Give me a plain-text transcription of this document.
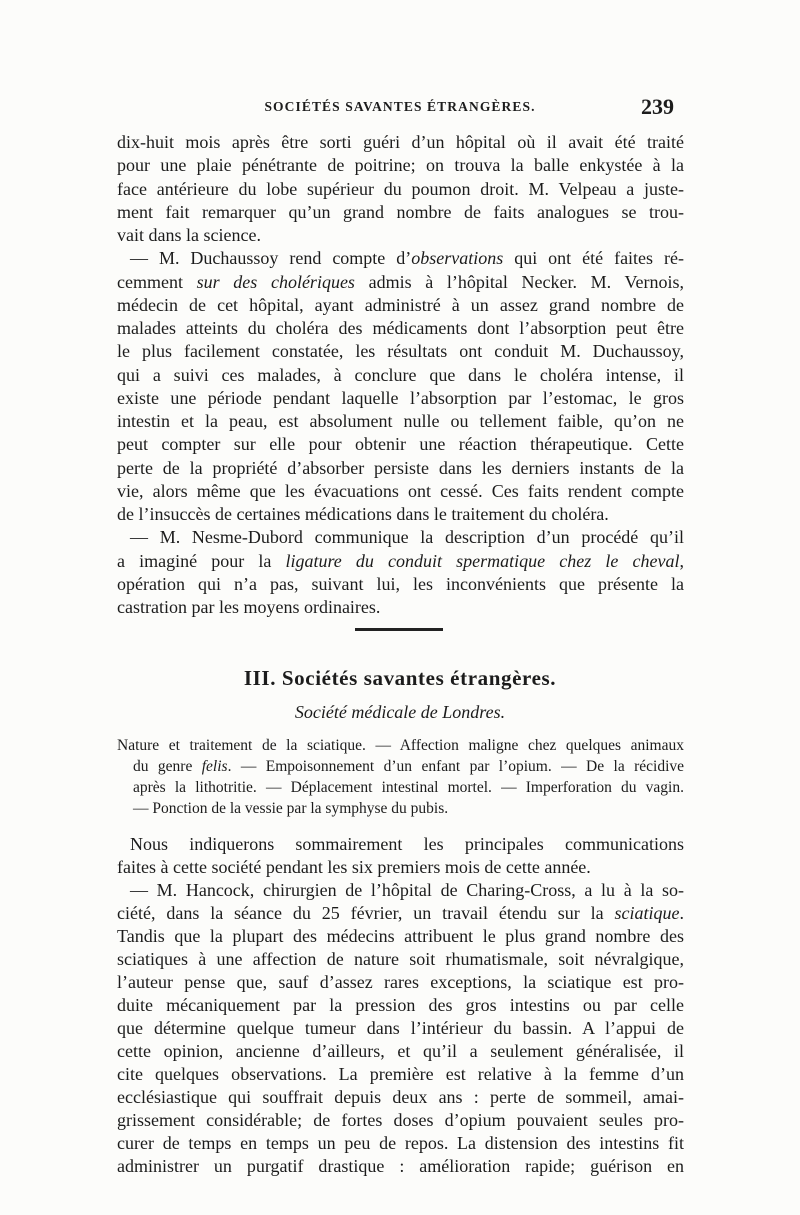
SOCIÉTÉS SAVANTES ÉTRANGÈRES.	239
dix-huit mois après être sorti guéri d’un hôpital où il avait été traité
pour une plaie pénétrante de poitrine; on trouva la balle enkystée à la
face antérieure du lobe supérieur du poumon droit. M. Velpeau a juste-
ment fait remarquer qu’un grand nombre de faits analogues se trou-
vait dans la science.
— M. Duchaussoy rend compte d’observations qui ont été faites ré-
cemment sur des cholériques admis à l’hôpital Necker. M. Vernois,
médecin de cet hôpital, ayant administré à un assez grand nombre de
malades atteints du choléra des médicaments dont l’absorption peut être
le plus facilement constatée, les résultats ont conduit M. Duchaussoy,
qui a suivi ces malades, à conclure que dans le choléra intense, il
existe une période pendant laquelle l’absorption par l’estomac, le gros
intestin et la peau, est absolument nulle ou tellement faible, qu’on ne
peut compter sur elle pour obtenir une réaction thérapeutique. Cette
perte de la propriété d’absorber persiste dans les derniers instants de la
vie, alors même que les évacuations ont cessé. Ces faits rendent compte
de l’insuccès de certaines médications dans le traitement du choléra.
— M. Nesme-Dubord communique la description d’un procédé qu’il
a imaginé pour la ligature du conduit spermatique chez le cheval,
opération qui n’a pas, suivant lui, les inconvénients que présente la
castration par les moyens ordinaires.
III. Sociétés savantes étrangères.
Société médicale de Londres.
Nature et traitement de la sciatique. — Affection maligne chez quelques animaux
du genre felis. — Empoisonnement d’un enfant par l’opium. — De la récidive
après la lithotritie. — Déplacement intestinal mortel. — Imperforation du vagin.
— Ponction de la vessie par la symphyse du pubis.
Nous indiquerons sommairement les principales communications
faites à cette société pendant les six premiers mois de cette année.
— M. Hancock, chirurgien de l’hôpital de Charing-Cross, a lu à la so-
ciété, dans la séance du 25 février, un travail étendu sur la sciatique.
Tandis que la plupart des médecins attribuent le plus grand nombre des
sciatiques à une affection de nature soit rhumatismale, soit névralgique,
l’auteur pense que, sauf d’assez rares exceptions, la sciatique est pro-
duite mécaniquement par la pression des gros intestins ou par celle
que détermine quelque tumeur dans l’intérieur du bassin. A l’appui de
cette opinion, ancienne d’ailleurs, et qu’il a seulement généralisée, il
cite quelques observations. La première est relative à la femme d’un
ecclésiastique qui souffrait depuis deux ans : perte de sommeil, amai-
grissement considérable; de fortes doses d’opium pouvaient seules pro-
curer de temps en temps un peu de repos. La distension des intestins fit
administrer un purgatif drastique : amélioration rapide; guérison en
